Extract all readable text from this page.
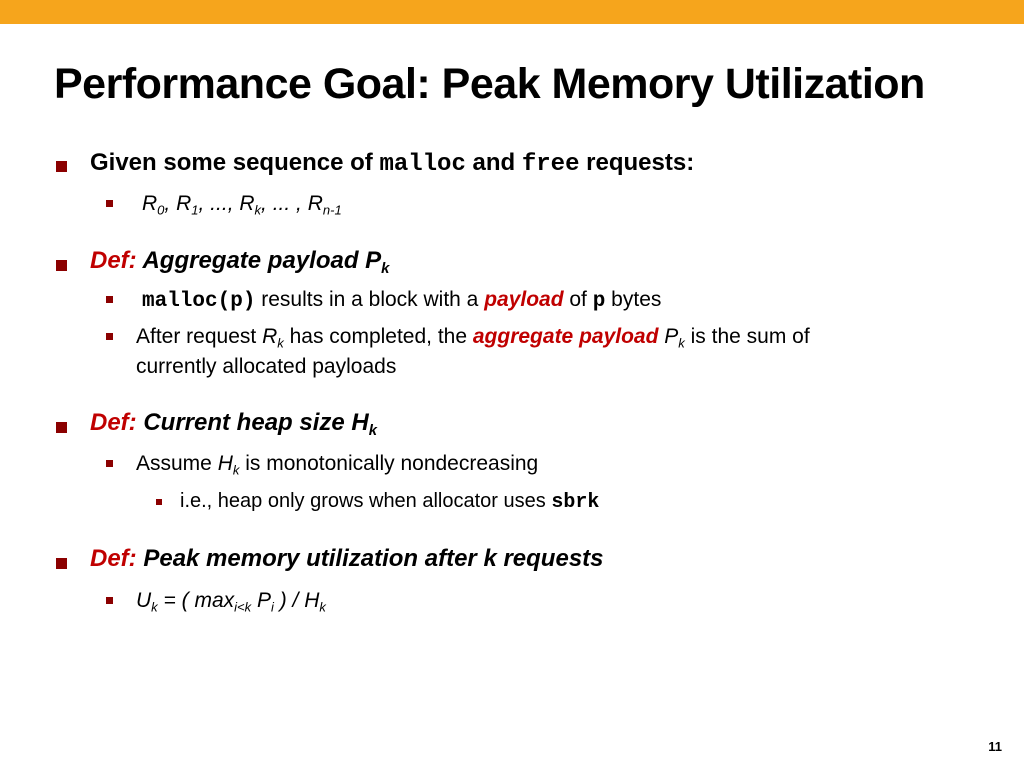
Performance Goal: Peak Memory Utilization
Given some sequence of malloc and free requests:
$R_0$, $R_1$, ..., $R_k$, ... , $R_{n-1}$
Def: Aggregate payload $P_k$
malloc(p) results in a block with a payload of p bytes
After request $R_k$ has completed, the aggregate payload $P_k$ is the sum of
currently allocated payloads
Def: Current heap size $H_k$
Assume $H_k$ is monotonically nondecreasing
i.e., heap only grows when allocator uses sbrk
Def: Peak memory utilization after k requests
$U_k$ = ( $\max_{i<k} P_i$ ) / $H_k$
11
